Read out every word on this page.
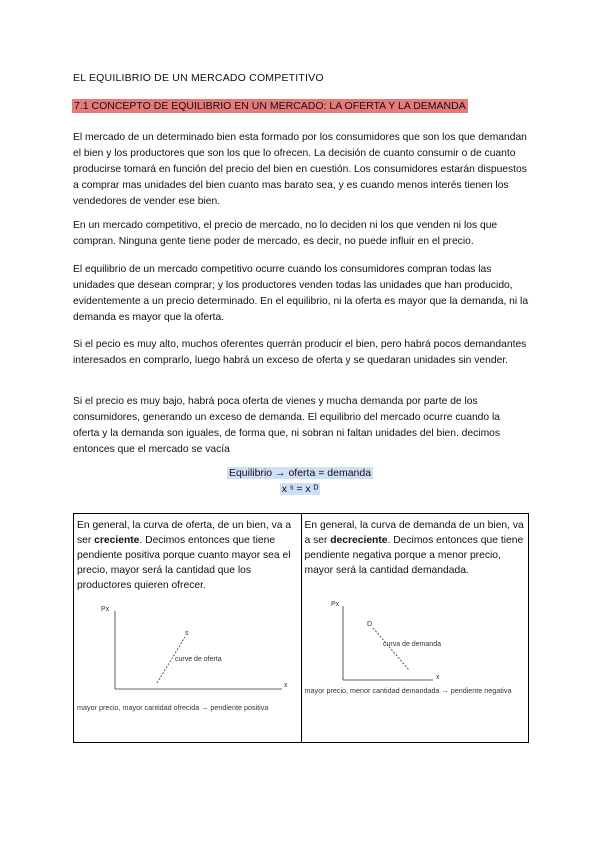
EL EQUILIBRIO DE UN MERCADO COMPETITIVO
7.1 CONCEPTO DE EQUILIBRIO EN UN MERCADO: LA OFERTA Y LA DEMANDA

El mercado de un determinado bien esta formado por los consumidores que son los que demandan el bien y los productores que son los que lo ofrecen. La decisión de cuanto consumir o de cuanto producirse tomará en función del precio del bien en cuestión. Los consumidores estarán dispuestos a comprar mas unidades del bien cuanto mas barato sea, y es cuando menos interés tienen los vendedores de vender ese bien.

En un mercado competitivo, el precio de mercado, no lo deciden ni los que venden ni los que compran. Ninguna gente tiene poder de mercado, es decir, no puede influir en el precio.

El equilibrio de un mercado competitivo ocurre cuando los consumidores compran todas las unidades que desean comprar; y los productores venden todas las unidades que han producido, evidentemente a un precio determinado. En el equilibrio, ni la oferta es mayor que la demanda, ni la demanda es mayor que la oferta.

Si el pecio es muy alto, muchos oferentes querrán producir el bien, pero habrá pocos demandantes interesados en comprarlo, luego habrá un exceso de oferta y se quedaran unidades sin vender.

Si el precio es muy bajo, habrá poca oferta de vienes y mucha demanda por parte de los consumidores, generando un exceso de demanda. El equilibrio del mercado ocurre cuando la oferta y la demanda son iguales, de forma que, ni sobran ni faltan unidades del bien. decimos entonces que el mercado se vacía

Equilibrio → oferta = demanda
x ˢ = x ᴰ

En general, la curva de oferta, de un bien, va a ser creciente. Decimos entonces que tiene pendiente positiva porque cuanto mayor sea el precio, mayor será la cantidad que los productores quieren ofrecer.

Px
x
s
curve de oferta
mayor precio, mayor cantidad ofrecida → pendiente positiva

En general, la curva de demanda de un bien, va a ser decreciente. Decimos entonces que tiene pendiente negativa porque a menor precio, mayor será la cantidad demandada.

Px
x
D
curva de demanda
mayor precio, menor cantidad demandada → pendiente negativa
